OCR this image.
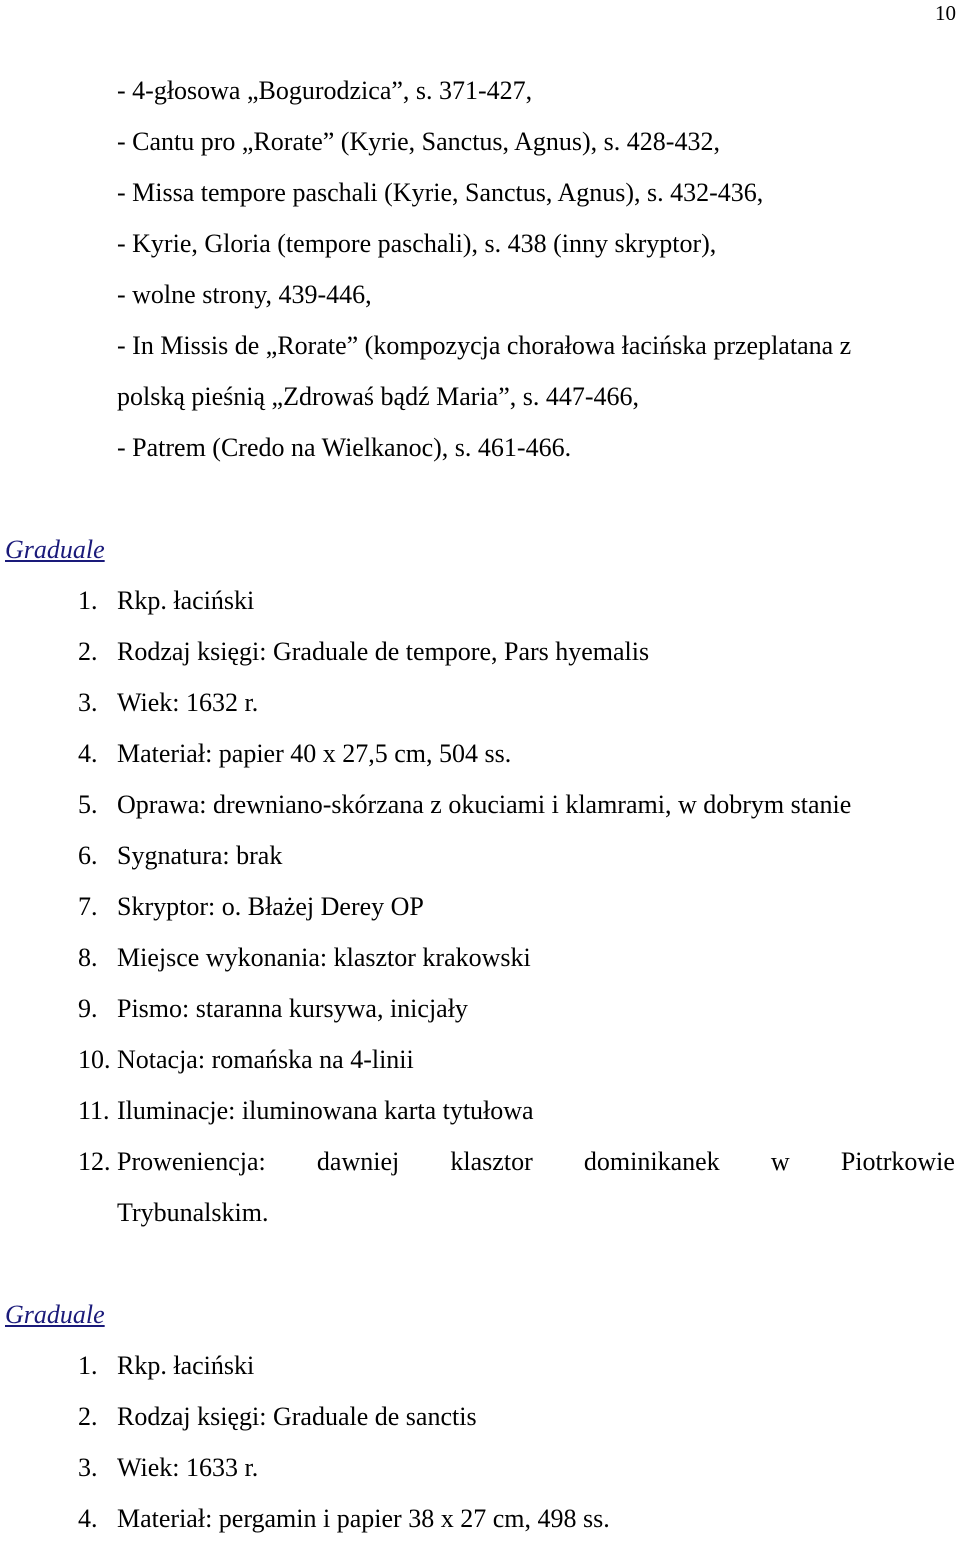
10
- 4-głosowa „Bogurodzica”, s. 371-427,
- Cantu pro „Rorate” (Kyrie, Sanctus, Agnus), s. 428-432,
- Missa tempore paschali (Kyrie, Sanctus, Agnus), s. 432-436,
- Kyrie, Gloria (tempore paschali), s. 438 (inny skryptor),
- wolne strony, 439-446,
- In Missis de „Rorate” (kompozycja chorałowa łacińska przeplatana z
polską pieśnią „Zdrowaś bądź Maria”, s. 447-466,
- Patrem (Credo na Wielkanoc), s. 461-466.
Graduale
1. Rkp. łaciński
2. Rodzaj księgi: Graduale de tempore, Pars hyemalis
3. Wiek: 1632 r.
4. Materiał: papier 40 x 27,5 cm, 504 ss.
5. Oprawa: drewniano-skórzana z okuciami i klamrami, w dobrym stanie
6. Sygnatura: brak
7. Skryptor: o. Błażej Derey OP
8. Miejsce wykonania: klasztor krakowski
9. Pismo: staranna kursywa, inicjały
10. Notacja: romańska na 4-linii
11. Iluminacje: iluminowana karta tytułowa
12. Proweniencja: dawniej klasztor dominikanek w Piotrkowie
Trybunalskim.
Graduale
1. Rkp. łaciński
2. Rodzaj księgi: Graduale de sanctis
3. Wiek: 1633 r.
4. Materiał: pergamin i papier 38 x 27 cm, 498 ss.
